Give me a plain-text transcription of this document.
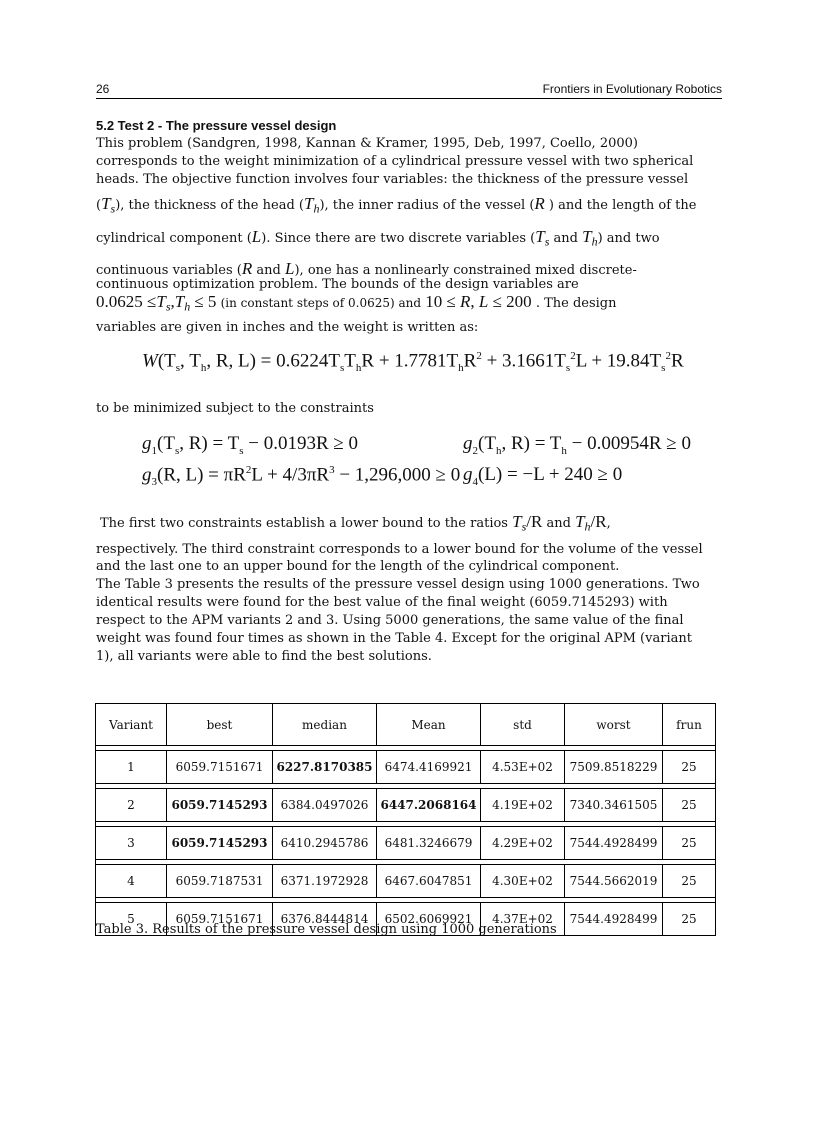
26	Frontiers in Evolutionary Robotics
5.2 Test 2 - The pressure vessel design
This problem (Sandgren, 1998, Kannan & Kramer, 1995, Deb, 1997, Coello, 2000)
corresponds to the weight minimization of a cylindrical pressure vessel with two spherical
heads. The objective function involves four variables: the thickness of the pressure vessel
$(T_s)$, the thickness of the head $(T_h)$, the inner radius of the vessel (R ) and the length of the
cylindrical component (L). Since there are two discrete variables ($T_s$ and $T_h$) and two
continuous variables (R and L), one has a nonlinearly constrained mixed discrete-
continuous optimization problem. The bounds of the design variables are
$0.0625 \le T_s,T_h \le 5$ (in constant steps of 0.0625) and 10 ≤ R, L ≤ 200 . The design
variables are given in inches and the weight is written as:
$W(T_s$, $T_h$, R, $L) = 0.6224T_sT_hR + 1.7781T_hR^2 + 3.1661T_s^2L + 19.84T_s^2R$
to be minimized subject to the constraints
$g_1(T_s$, $R) = T_s - 0.0193R \ge 0$	$g_2(T_h$, $R) = T_h - 0.00954R \ge 0$
$g_3(R$, $L) = \pi R^2L + 4/3\pi R^3 - 1,296,000 \ge 0$ $g_4(L) = -L + 240 \ge 0$
The first two constraints establish a lower bound to the ratios $T_s/R$ and $T_h/R$,
respectively. The third constraint corresponds to a lower bound for the volume of the vessel
and the last one to an upper bound for the length of the cylindrical component.
The Table 3 presents the results of the pressure vessel design using 1000 generations. Two
identical results were found for the best value of the final weight (6059.7145293) with
respect to the APM variants 2 and 3. Using 5000 generations, the same value of the final
weight was found four times as shown in the Table 4. Except for the original APM (variant
1), all variants were able to find the best solutions.
Variant	best	median	Mean	std	worst	frun

1	6059.7151671	6227.8170385	6474.4169921	4.53E+02	7509.8518229	25

2	6059.7145293	6384.0497026	6447.2068164	4.19E+02	7340.3461505	25

3	6059.7145293	6410.2945786	6481.3246679	4.29E+02	7544.4928499	25

4	6059.7187531	6371.1972928	6467.6047851	4.30E+02	7544.5662019	25

5	6059.7151671	6376.8444814	6502.6069921	4.37E+02	7544.4928499	25
Table 3. Results of the pressure vessel design using 1000 generations
